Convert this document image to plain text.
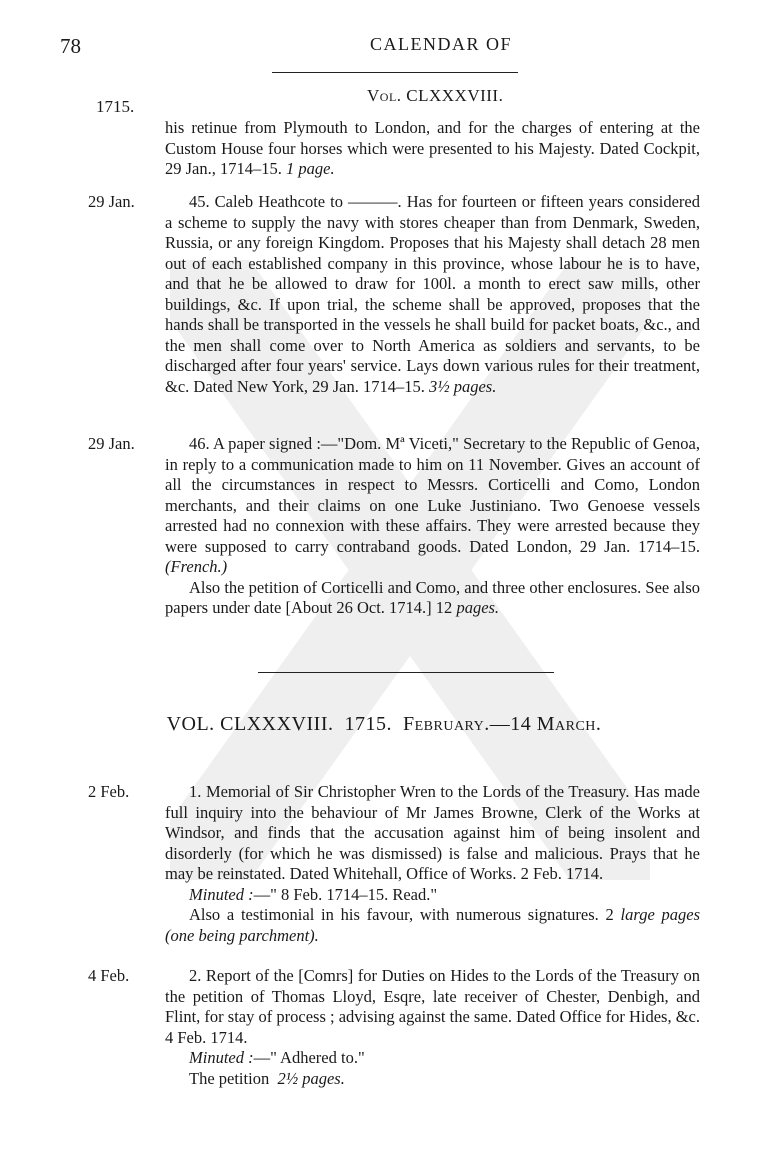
78	CALENDAR OF
Vol. CLXXXVIII.
1715.

his retinue from Plymouth to London, and for the charges of entering at the Custom House four horses which were presented to his Majesty. Dated Cockpit, 29 Jan., 1714–15. 1 page.

29 Jan.	45. Caleb Heathcote to ———. Has for fourteen or fifteen years considered a scheme to supply the navy with stores cheaper than from Denmark, Sweden, Russia, or any foreign Kingdom. Proposes that his Majesty shall detach 28 men out of each established company in this province, whose labour he is to have, and that he be allowed to draw for 100l. a month to erect saw mills, other buildings, &c. If upon trial, the scheme shall be approved, proposes that the hands shall be transported in the vessels he shall build for packet boats, &c., and the men shall come over to North America as soldiers and servants, to be discharged after four years' service. Lays down various rules for their treatment, &c. Dated New York, 29 Jan. 1714–15. 3½ pages.

29 Jan.	46. A paper signed :—"Dom. Mª Viceti," Secretary to the Republic of Genoa, in reply to a communication made to him on 11 November. Gives an account of all the circumstances in respect to Messrs. Corticelli and Como, London merchants, and their claims on one Luke Justiniano. Two Genoese vessels arrested had no connexion with these affairs. They were arrested because they were supposed to carry contraband goods. Dated London, 29 Jan. 1714–15. (French.)

Also the petition of Corticelli and Como, and three other enclosures. See also papers under date [About 26 Oct. 1714.] 12 pages.

VOL. CLXXXVIII. 1715. February.—14 March.
2 Feb.	1. Memorial of Sir Christopher Wren to the Lords of the Treasury. Has made full inquiry into the behaviour of Mr James Browne, Clerk of the Works at Windsor, and finds that the accusation against him of being insolent and disorderly (for which he was dismissed) is false and malicious. Prays that he may be reinstated. Dated Whitehall, Office of Works. 2 Feb. 1714.

Minuted :—" 8 Feb. 1714–15. Read."

Also a testimonial in his favour, with numerous signatures. 2 large pages (one being parchment).

4 Feb.	2. Report of the [Comrs] for Duties on Hides to the Lords of the Treasury on the petition of Thomas Lloyd, Esqre, late receiver of Chester, Denbigh, and Flint, for stay of process ; advising against the same. Dated Office for Hides, &c. 4 Feb. 1714.

Minuted :—" Adhered to."

The petition 2½ pages.
